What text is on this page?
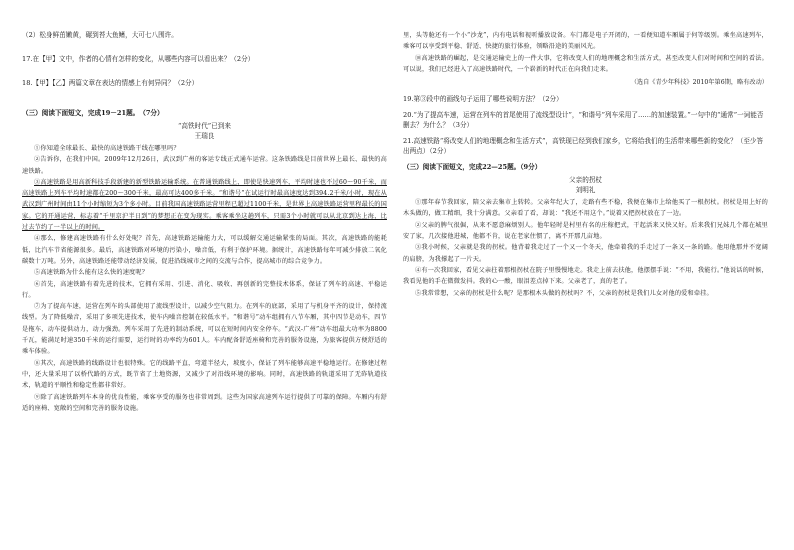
（2）松身鲜茁嫩黄，碾到苔大鱼鳍，大可七八围许。

17.在【甲】文中，作者的心情有怎样的变化，从哪些内容可以看出来？（2分）

18.【甲】【乙】两篇文章在表达的情感上有何异同？（2分）

（三）阅读下面短文，完成19－21题。　（7分）
“高铁时代”已到来
王瑞良

①你知道全球最长、最快的高速铁路干线在哪里吗？

②告诉你，在我们中国。2009年12月26日，武汉到广州的客运专线正式通车运营。这条铁路线是目前世界上最长、最快的高速铁路。

③高速铁路是用高新科技手段新建的新型铁路运输系统。在普通铁路线上，即使是快速列车，平均时速也不过60～90千米，而高速铁路上列车平均时速都在200～300千米，最高可达400多千米。“和谐号”在试运行时最高速度达到394.2千米/小时，现在从武汉到广州时间由11个小时缩短为3个多小时。目前我国高速铁路运营里程已超过1100千米，是世界上高速铁路运营里程最长的国家。它的开通运营，标志着“千里京沪半日到”的梦想正在变为现实。乘客乘坐这趟列车，只需3个小时就可以从北京到达上海，比过去节约了一半以上的时间。

④那么，修建高速铁路有什么好处呢？首先，高速铁路运输能力大，可以缓解交通运输紧张的局面。其次，高速铁路的能耗低，比汽车节省能源很多。最后，高速铁路对环境的污染小，噪音低，有利于保护环境。据统计，高速铁路每年可减少排放二氧化碳数十万吨。另外，高速铁路还能带动经济发展，促进沿线城市之间的交流与合作，提高城市的综合竞争力。

⑤高速铁路为什么能有这么快的速度呢？

⑥首先，高速铁路有着先进的技术，它拥有采用、引进、消化、吸收、再创新的完整技术体系，保证了列车的高速、平稳运行。

⑦为了提高车速，运营在列车的头部使用了流线型设计，以减少空气阻力。在列车的底部，采用了与机身平齐的设计，保持流线型。为了降低噪音，采用了多项先进技术，使车内噪音控制在较低水平。“和谐号”动车组拥有八节车厢，其中四节是动车，四节是拖车，动车提供动力，动力强劲。列车采用了先进的制动系统，可以在短时间内安全停车。“武汉-广州”动车组最大功率为8800千瓦，能满足时速350千米的运行需要，运行时的功率约为601人。车内配备舒适座椅和完善的服务设施，为旅客提供方便舒适的乘车体验。

⑧其次，高速铁路的线路设计也很特殊。它的线路平直，弯道半径大，坡度小，保证了列车能够高速平稳地运行。在修建过程中，还大量采用了以桥代路的方式，既节省了土地资源，又减少了对沿线环境的影响。同时，高速铁路的轨道采用了无砟轨道技术，轨道的平顺性和稳定性都非常好。

⑨除了高速铁路列车本身的优良性能，乘客享受的服务也非常周到。这些为国家高速列车运行提供了可靠的保障。车厢内有舒适的座椅、宽敞的空间和完善的服务设施。

里，头等舱还有一个小“沙龙”，内有电话和视听播放设备。车门都是电子开闭的，一看便知道车厢属于何等级别。乘坐高速列车，乘客可以享受到平稳、舒适、快捷的旅行体验，领略沿途的美丽风光。

⑩高速铁路的崛起，是交通运输史上的一件大事，它将改变人们的地理概念和生活方式，甚至改变人们对时间和空间的看法。可以说，我们已经进入了高速铁路时代，一个崭新的时代正在向我们走来。

（选自《青少年科技》2010年第6期，略有改动）

19.第③段中的画线句子运用了哪些说明方法？（2分）

20.“为了提高车速，运营在列车的首尾使用了流线型设计”，“和谐号”列车采用了……的加速装置。”一句中的“通常”一词能否删去？为什么？（3分）

21.高速铁路“将改变人们的地理概念和生活方式”，高铁现已经到我们家乡，它将给我们的生活带来哪些新的变化？（至少答出两点）（2分）

（三）阅读下面短文，完成22—25题。（9分）
父亲的拐杖
刘明礼

①那年春节我回家，陪父亲去集市上转转。父亲年纪大了，走路有些不稳，我便在集市上给他买了一根拐杖。拐杖是用上好的木头做的，做工精细，我十分满意。父亲看了看，却说：“我还不用这个。”说着又把拐杖放在了一边。

②父亲的脾气很倔，从来不愿意麻烦别人。他年轻时是村里有名的庄稼把式，干起活来又快又好。后来我们兄妹几个都在城里安了家，几次接他进城，他都不肯，说在老家住惯了，离不开那几亩地。

③我小时候，父亲就是我的拐杖。他背着我走过了一个又一个冬天，他牵着我的手走过了一条又一条的路。他用他那并不宽阔的肩膀，为我撑起了一片天。

④有一次我回家，看见父亲拄着那根拐杖在院子里慢慢地走。我走上前去扶他，他摆摆手说：“不用，我能行。”他说话的时候，我看见他的手在微微发抖。我的心一酸，眼泪差点掉下来。父亲老了，真的老了。

⑤我常常想，父亲的拐杖是什么呢？是那根木头做的拐杖吗？不，父亲的拐杖是我们儿女对他的爱和牵挂。
